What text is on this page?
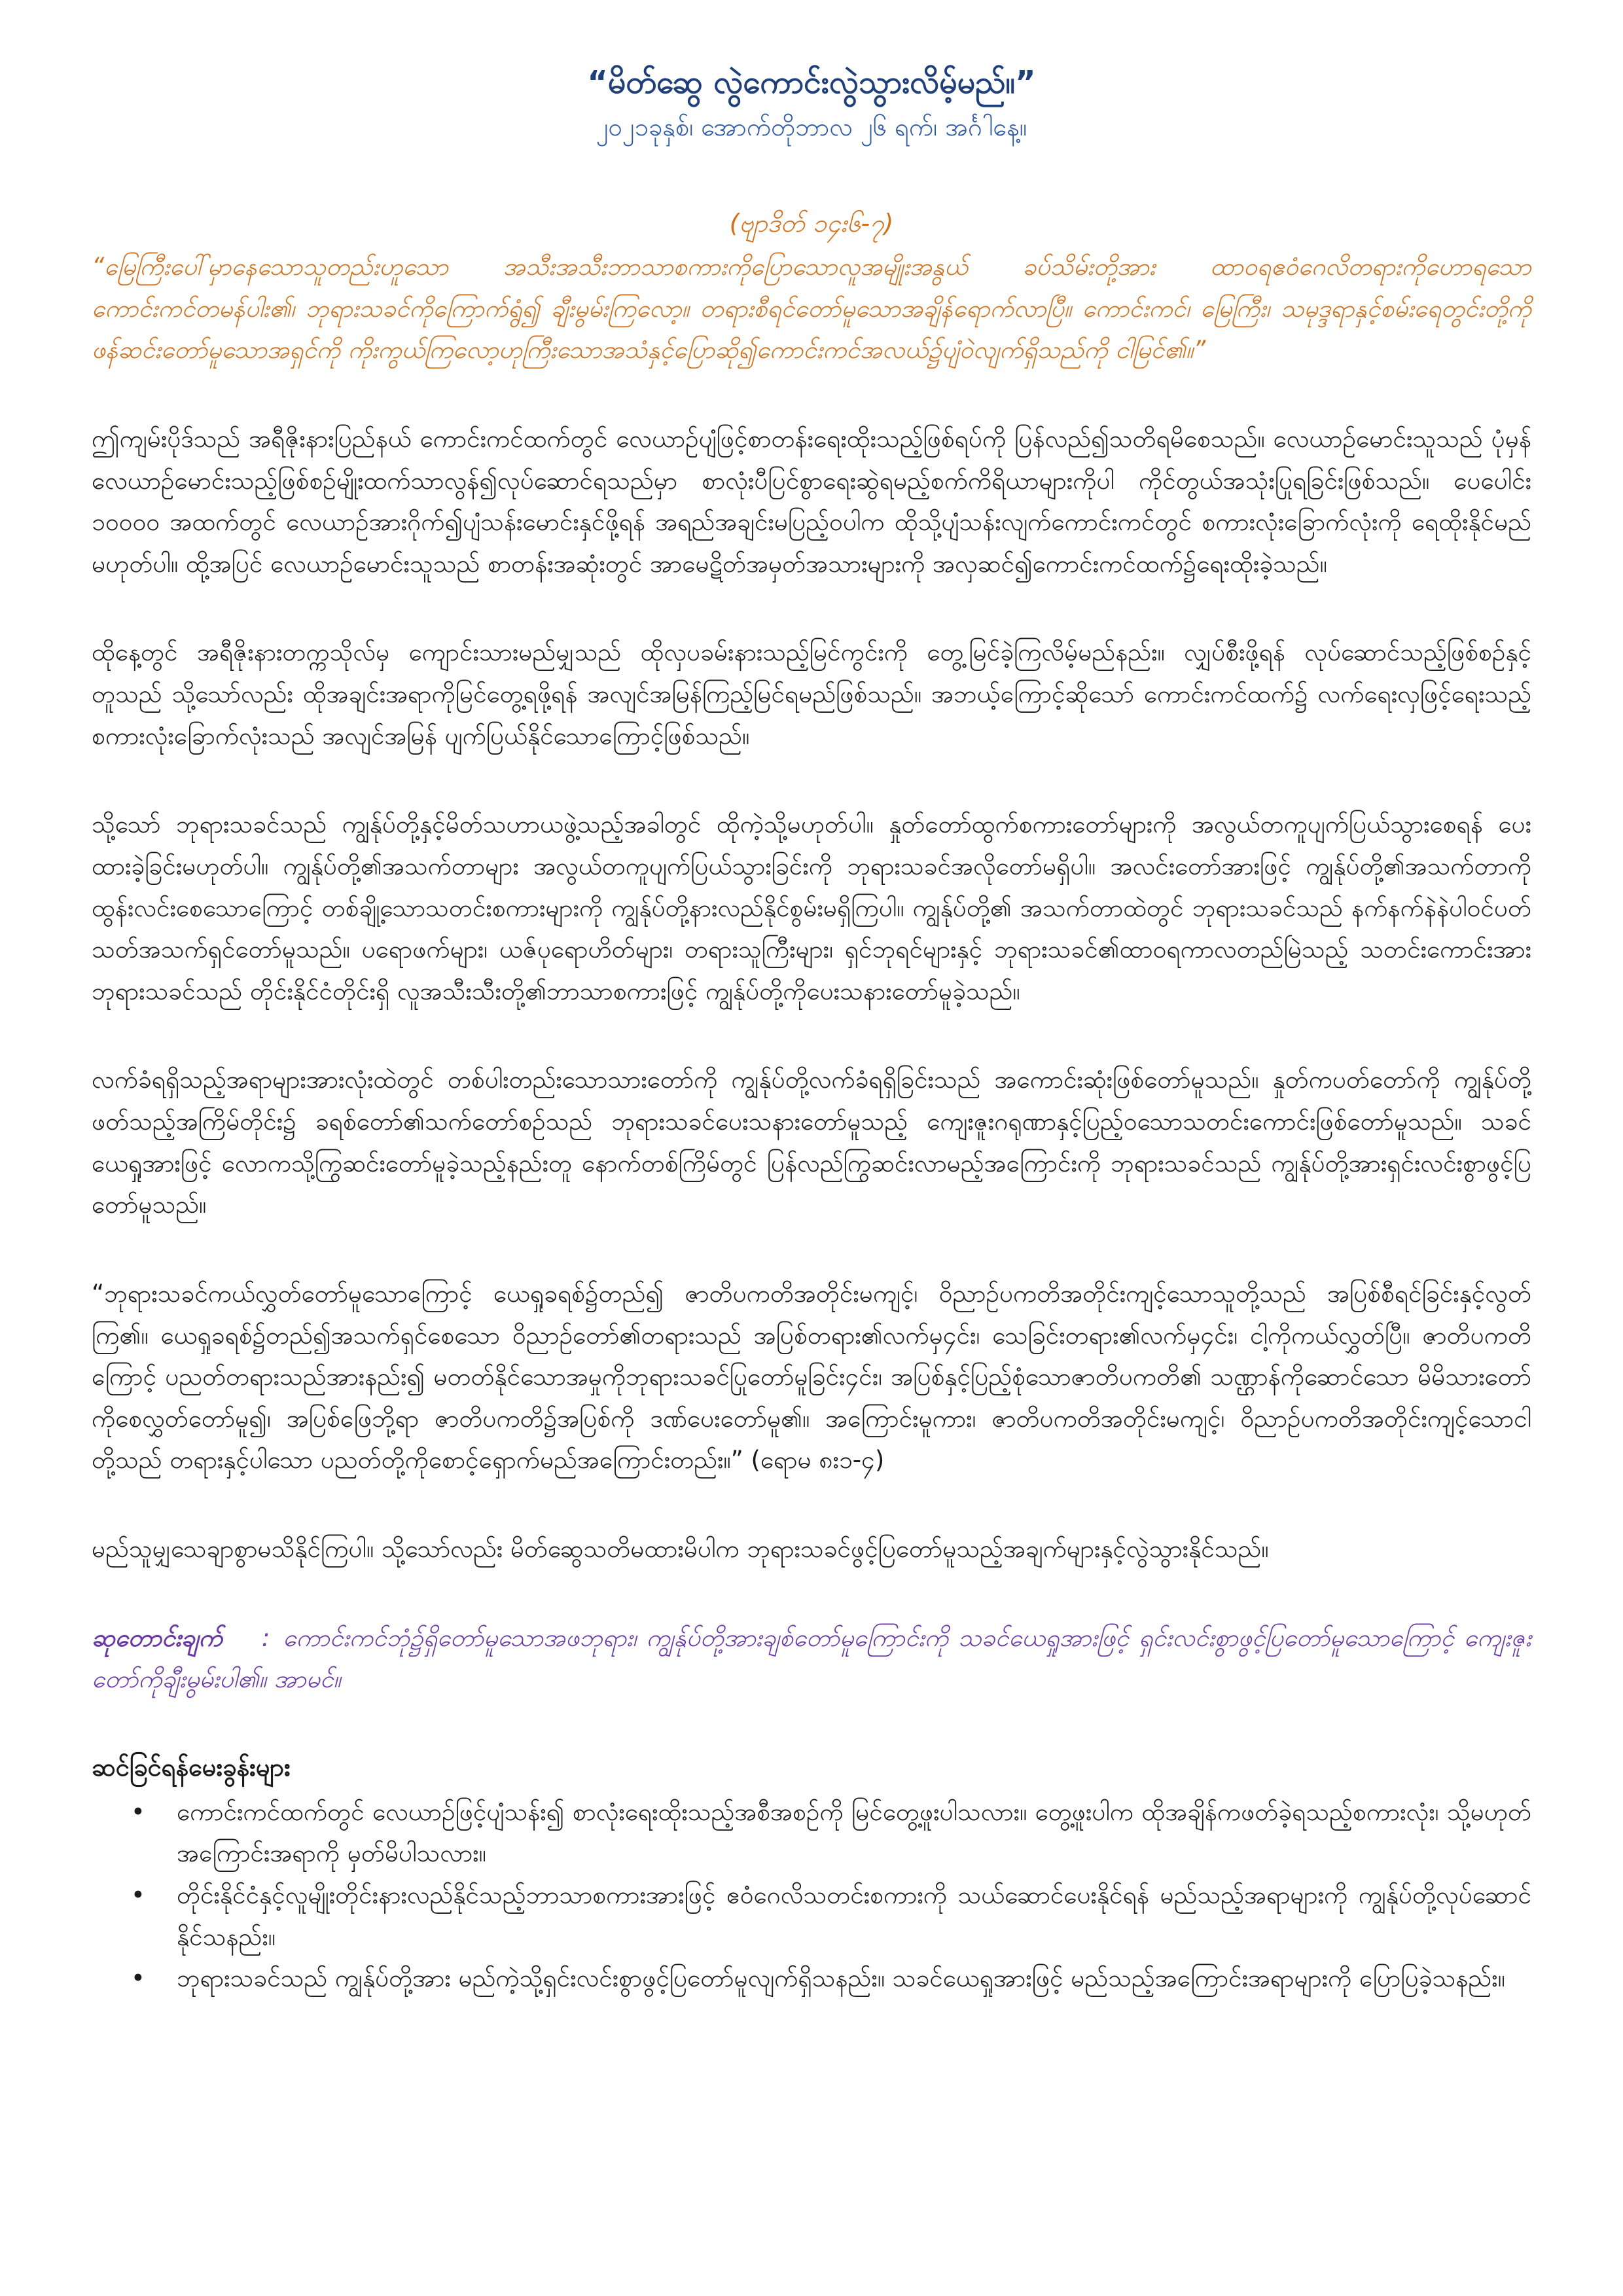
“မိတ်ဆွေ လွဲကောင်းလွဲသွားလိမ့်မည်။”

၂၀၂၁ခုနှစ်၊ အောက်တိုဘာလ ၂၆ ရက်၊ အင်္ဂါနေ့။

(ဗျာဒိတ် ၁၄း၆-၇)

“မြေကြီးပေါ်မှာနေသောသူတည်းဟူသော အသီးအသီးဘာသာစကားကိုပြောသောလူအမျိုးအနွယ် ခပ်သိမ်းတို့အား ထာဝရဧဝံဂေလိတရားကိုဟောရသော ကောင်းကင်တမန်ပါး၏၊ ဘုရားသခင်ကိုကြောက်ရွံ၍ ချီးမွမ်းကြလော့။ တရားစီရင်တော်မူသောအချိန်ရောက်လာပြီ။ ကောင်းကင်၊ မြေကြီး၊ သမုဒ္ဒရာနှင့်စမ်းရေတွင်းတို့ကို ဖန်ဆင်းတော်မူသောအရှင်ကို ကိုးကွယ်ကြလော့ဟုကြီးသောအသံနှင့်ပြောဆို၍ကောင်းကင်အလယ်၌ပျံဝဲလျက်ရှိသည်ကို ငါမြင်၏။”

ဤကျမ်းပိုဒ်သည် အရီဇိုးနားပြည်နယ် ကောင်းကင်ထက်တွင် လေယာဉ်ပျံဖြင့်စာတန်းရေးထိုးသည့်ဖြစ်ရပ်ကို ပြန်လည်၍သတိရမိစေသည်။ လေယာဉ်မောင်းသူသည် ပုံမှန်လေယာဉ်မောင်းသည့်ဖြစ်စဉ်မျိုးထက်သာလွန်၍လုပ်ဆောင်ရသည်မှာ စာလုံးပီပြင်စွာရေးဆွဲရမည့်စက်ကိရိယာများကိုပါ ကိုင်တွယ်အသုံးပြုရခြင်းဖြစ်သည်။ ပေပေါင်း ၁၀၀၀၀ အထက်တွင် လေယာဉ်အားဂိုက်၍ပျံသန်းမောင်းနှင်ဖို့ရန် အရည်အချင်းမပြည့်ဝပါက ထိုသို့ပျံသန်းလျက်ကောင်းကင်တွင် စကားလုံးခြောက်လုံးကို ရေထိုးနိုင်မည်မဟုတ်ပါ။ ထို့အပြင် လေယာဉ်မောင်းသူသည် စာတန်းအဆုံးတွင် အာမေဋိတ်အမှတ်အသားများကို အလှဆင်၍ကောင်းကင်ထက်၌ရေးထိုးခဲ့သည်။

ထိုနေ့တွင် အရီဇိုးနားတက္ကသိုလ်မှ ကျောင်းသားမည်မျှသည် ထိုလှပခမ်းနားသည့်မြင်ကွင်းကို တွေ့မြင်ခဲ့ကြလိမ့်မည်နည်း။ လျှပ်စီးဖို့ရန် လုပ်ဆောင်သည့်ဖြစ်စဉ်နှင့်တူသည် သို့သော်လည်း ထိုအချင်းအရာကိုမြင်တွေ့ရဖို့ရန် အလျင်အမြန်ကြည့်မြင်ရမည်ဖြစ်သည်။ အဘယ့်ကြောင့်ဆိုသော် ကောင်းကင်ထက်၌ လက်ရေးလှဖြင့်ရေးသည့်စကားလုံးခြောက်လုံးသည် အလျင်အမြန် ပျက်ပြယ်နိုင်သောကြောင့်ဖြစ်သည်။

သို့သော် ဘုရားသခင်သည် ကျွန်ုပ်တို့နှင့်မိတ်သဟာယဖွဲ့သည့်အခါတွင် ထိုကဲ့သို့မဟုတ်ပါ။ နှုတ်တော်ထွက်စကားတော်များကို အလွယ်တကူပျက်ပြယ်သွားစေရန် ပေးထားခဲ့ခြင်းမဟုတ်ပါ။ ကျွန်ုပ်တို့၏အသက်တာများ အလွယ်တကူပျက်ပြယ်သွားခြင်းကို ဘုရားသခင်အလိုတော်မရှိပါ။ အလင်းတော်အားဖြင့် ကျွန်ုပ်တို့၏အသက်တာကို ထွန်းလင်းစေသောကြောင့် တစ်ချို့သောသတင်းစကားများကို ကျွန်ုပ်တို့နားလည်နိုင်စွမ်းမရှိကြပါ။ ကျွန်ုပ်တို့၏ အသက်တာထဲတွင် ဘုရားသခင်သည် နက်နက်နဲနဲပါဝင်ပတ်သတ်အသက်ရှင်တော်မူသည်။ ပရောဖက်များ၊ ယဇ်ပုရောဟိတ်များ၊ တရားသူကြီးများ၊ ရှင်ဘုရင်များနှင့် ဘုရားသခင်၏ထာဝရကာလတည်မြဲသည့် သတင်းကောင်းအား ဘုရားသခင်သည် တိုင်းနိုင်ငံတိုင်းရှိ လူအသီးသီးတို့၏ဘာသာစကားဖြင့် ကျွန်ုပ်တို့ကိုပေးသနားတော်မူခဲ့သည်။

လက်ခံရရှိသည့်အရာများအားလုံးထဲတွင် တစ်ပါးတည်းသောသားတော်ကို ကျွန်ုပ်တို့လက်ခံရရှိခြင်းသည် အကောင်းဆုံးဖြစ်တော်မူသည်။ နှုတ်ကပတ်တော်ကို ကျွန်ုပ်တို့ ဖတ်သည့်အကြိမ်တိုင်း၌ ခရစ်တော်၏သက်တော်စဉ်သည် ဘုရားသခင်ပေးသနားတော်မူသည့် ကျေးဇူးဂရုဏာနှင့်ပြည့်ဝသောသတင်းကောင်းဖြစ်တော်မူသည်။ သခင်ယေရှုအားဖြင့် လောကသို့ကြွဆင်းတော်မူခဲ့သည့်နည်းတူ နောက်တစ်ကြိမ်တွင် ပြန်လည်ကြွဆင်းလာမည့်အကြောင်းကို ဘုရားသခင်သည် ကျွန်ုပ်တို့အားရှင်းလင်းစွာဖွင့်ပြတော်မူသည်။

“ဘုရားသခင်ကယ်လွှတ်တော်မူသောကြောင့် ယေရှုခရစ်၌တည်၍ ဇာတိပကတိအတိုင်းမကျင့်၊ ဝိညာဉ်ပကတိအတိုင်းကျင့်သောသူတို့သည် အပြစ်စီရင်ခြင်းနှင့်လွတ်ကြ၏။ ယေရှုခရစ်၌တည်၍အသက်ရှင်စေသော ဝိညာဉ်တော်၏တရားသည် အပြစ်တရား၏လက်မှ၄င်း၊ သေခြင်းတရား၏လက်မှ၄င်း၊ ငါ့ကိုကယ်လွှတ်ပြီ။ ဇာတိပကတိကြောင့် ပညတ်တရားသည်အားနည်း၍ မတတ်နိုင်သောအမှုကိုဘုရားသခင်ပြုတော်မူခြင်း၄င်း၊ အပြစ်နှင့်ပြည့်စုံသောဇာတိပကတိ၏ သဏ္ဌာန်ကိုဆောင်သော မိမိသားတော်ကိုစေလွှတ်တော်မူ၍၊ အပြစ်ဖြေဘို့ရာ ဇာတိပကတိ၌အပြစ်ကို ဒဏ်ပေးတော်မူ၏။ အကြောင်းမူကား၊ ဇာတိပကတိအတိုင်းမကျင့်၊ ဝိညာဉ်ပကတိအတိုင်းကျင့်သောငါတို့သည် တရားနှင့်ပါသော ပညတ်တို့ကိုစောင့်ရှောက်မည်အကြောင်းတည်း။” (ရောမ ၈း၁-၄)

မည်သူမျှသေချာစွာမသိနိုင်ကြပါ။ သို့သော်လည်း မိတ်ဆွေသတိမထားမိပါက ဘုရားသခင်ဖွင့်ပြတော်မူသည့်အချက်များနှင့်လွဲသွားနိုင်သည်။

ဆုတောင်းချက် : ကောင်းကင်ဘုံ၌ရှိတော်မူသောအဖဘုရား၊ ကျွန်ုပ်တို့အားချစ်တော်မူကြောင်းကို သခင်ယေရှုအားဖြင့် ရှင်းလင်းစွာဖွင့်ပြတော်မူသောကြောင့် ကျေးဇူးတော်ကိုချီးမွမ်းပါ၏။ အာမင်။

ဆင်ခြင်ရန်မေးခွန်းများ

• ကောင်းကင်ထက်တွင် လေယာဉ်ဖြင့်ပျံသန်း၍ စာလုံးရေးထိုးသည့်အစီအစဉ်ကို မြင်တွေ့ဖူးပါသလား။ တွေ့ဖူးပါက ထိုအချိန်ကဖတ်ခဲ့ရသည့်စကားလုံး၊ သို့မဟုတ် အကြောင်းအရာကို မှတ်မိပါသလား။
• တိုင်းနိုင်ငံနှင့်လူမျိုးတိုင်းနားလည်နိုင်သည့်ဘာသာစကားအားဖြင့် ဧဝံဂေလိသတင်းစကားကို သယ်ဆောင်ပေးနိုင်ရန် မည်သည့်အရာများကို ကျွန်ုပ်တို့လုပ်ဆောင်နိုင်သနည်း။
• ဘုရားသခင်သည် ကျွန်ုပ်တို့အား မည်ကဲ့သို့ရှင်းလင်းစွာဖွင့်ပြတော်မူလျက်ရှိသနည်း။ သခင်ယေရှုအားဖြင့် မည်သည့်အကြောင်းအရာများကို ပြောပြခဲ့သနည်း။
